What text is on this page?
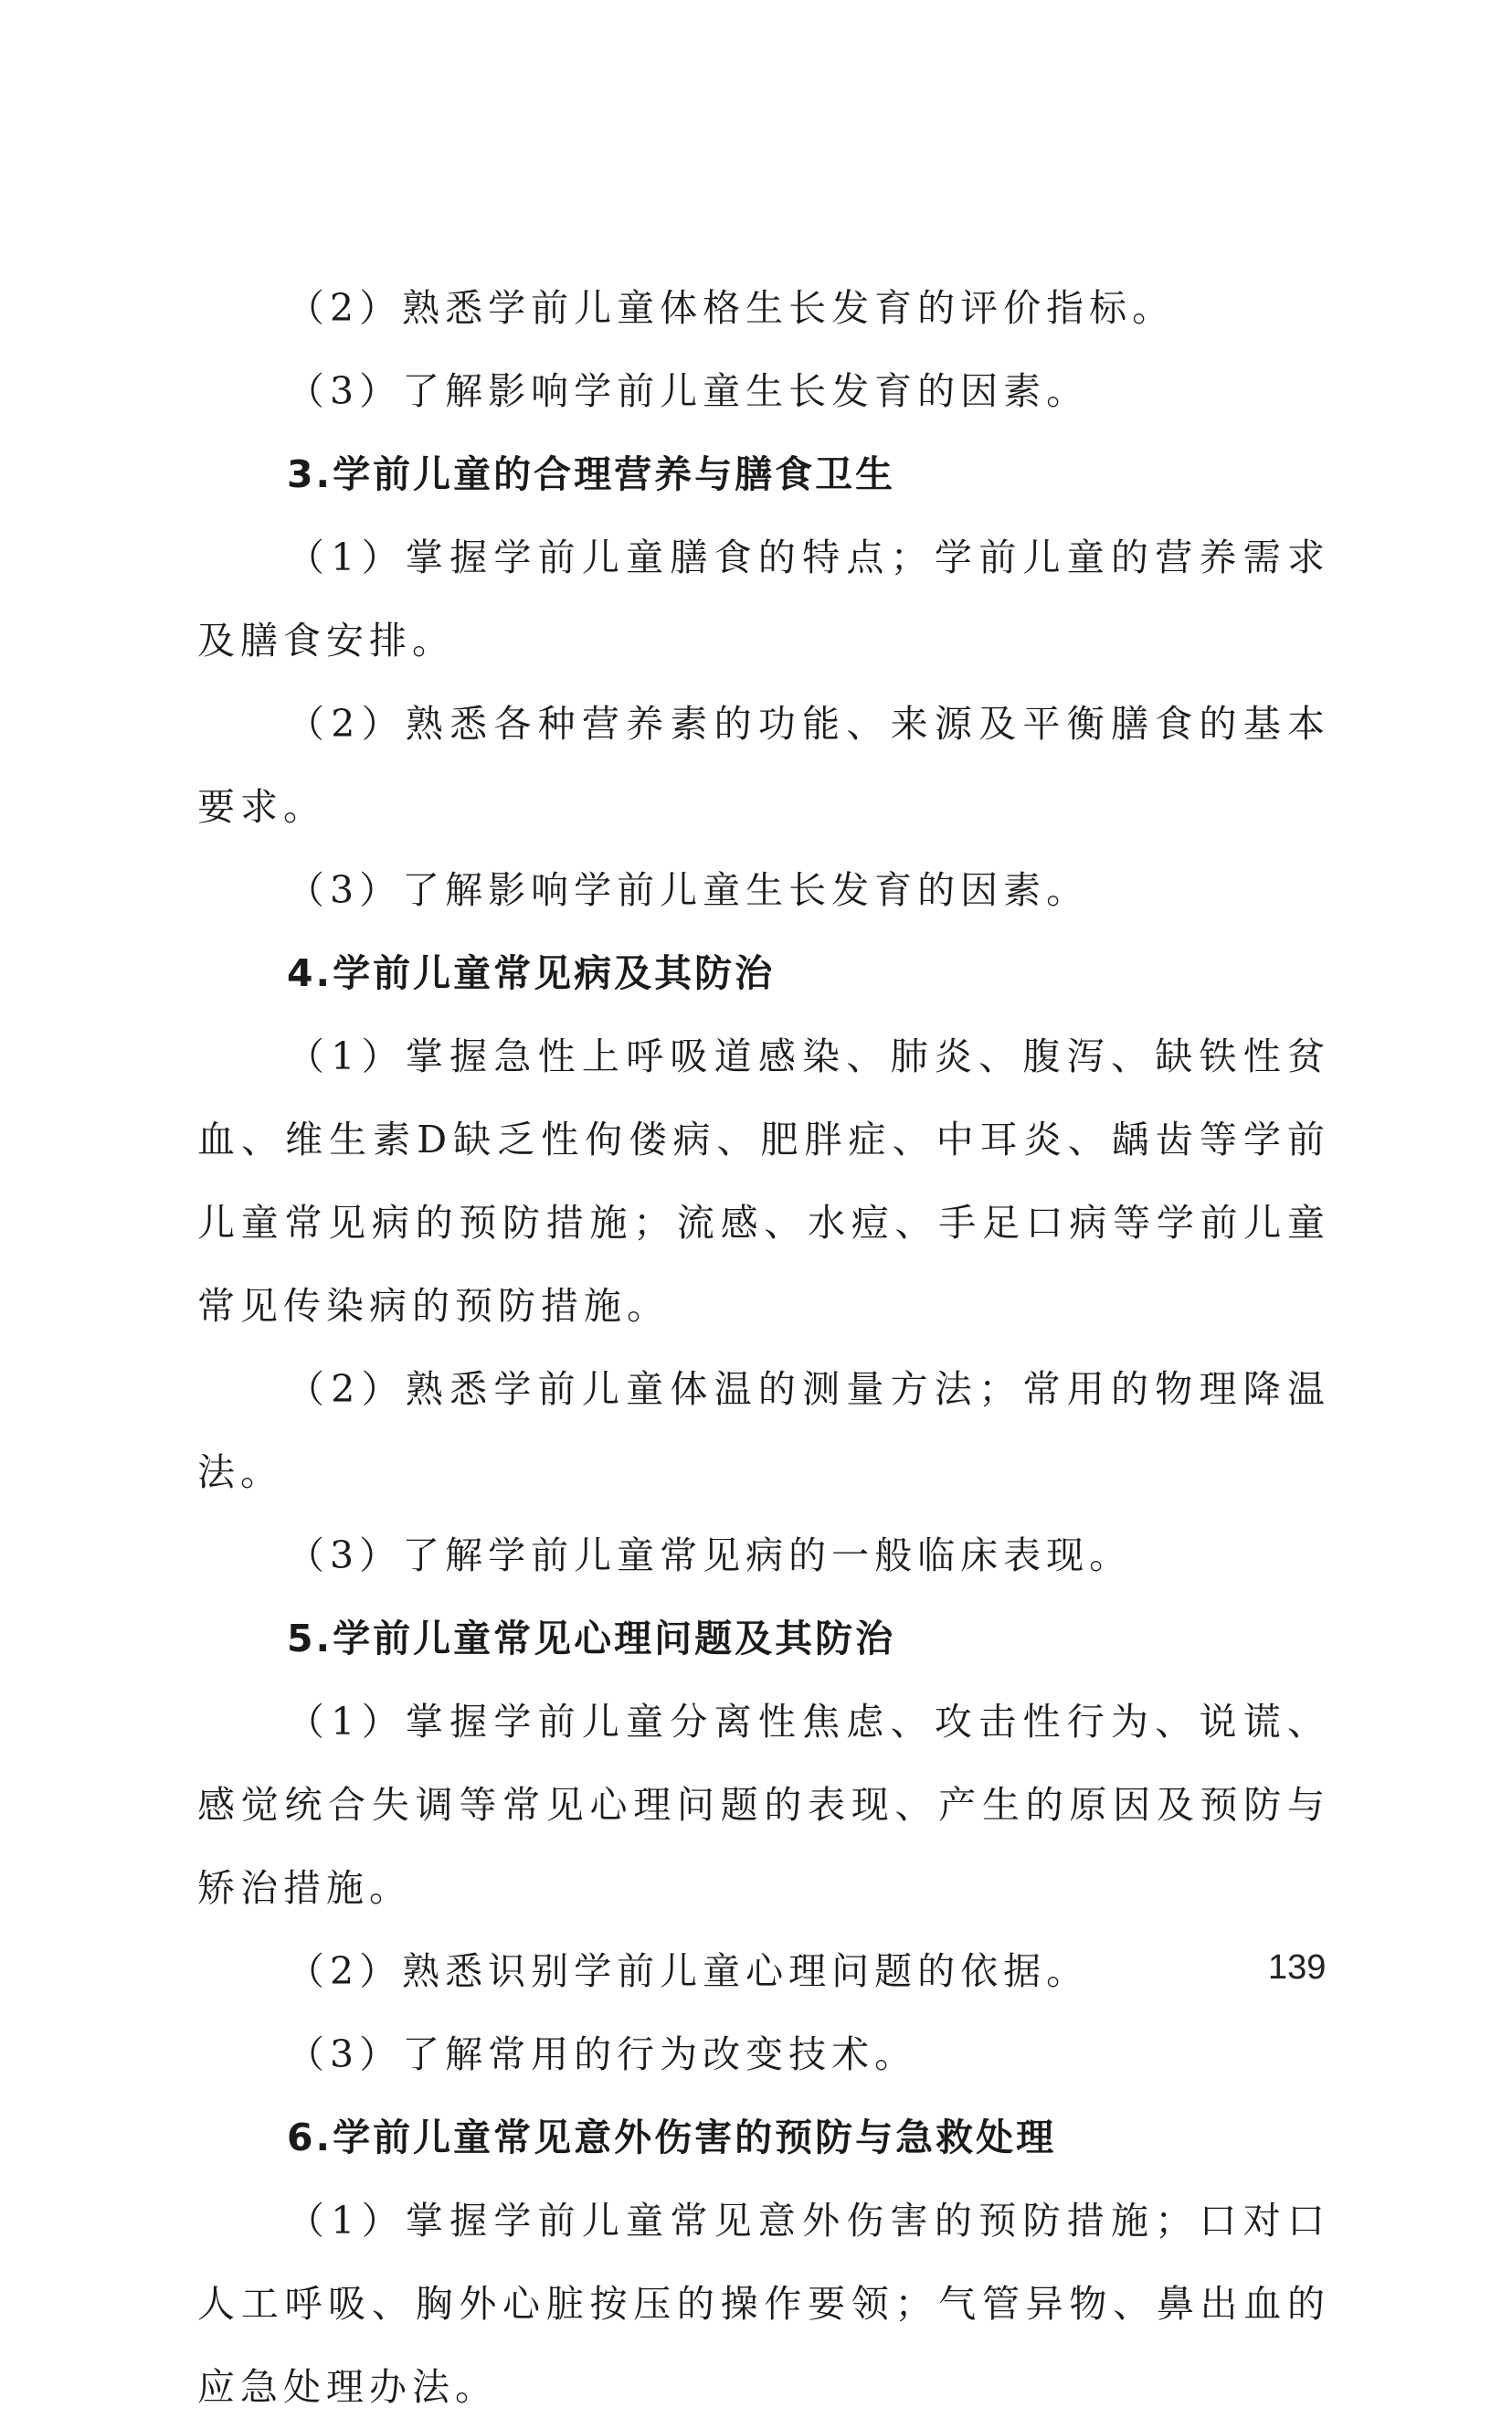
（2）熟悉学前儿童体格生长发育的评价指标。

（3）了解影响学前儿童生长发育的因素。

3.学前儿童的合理营养与膳食卫生

（1）掌握学前儿童膳食的特点；学前儿童的营养需求及膳食安排。

（2）熟悉各种营养素的功能、来源及平衡膳食的基本要求。

（3）了解影响学前儿童生长发育的因素。

4.学前儿童常见病及其防治

（1）掌握急性上呼吸道感染、肺炎、腹泻、缺铁性贫血、维生素D缺乏性佝偻病、肥胖症、中耳炎、龋齿等学前儿童常见病的预防措施；流感、水痘、手足口病等学前儿童常见传染病的预防措施。

（2）熟悉学前儿童体温的测量方法；常用的物理降温法。

（3）了解学前儿童常见病的一般临床表现。

5.学前儿童常见心理问题及其防治

（1）掌握学前儿童分离性焦虑、攻击性行为、说谎、感觉统合失调等常见心理问题的表现、产生的原因及预防与矫治措施。

（2）熟悉识别学前儿童心理问题的依据。

（3）了解常用的行为改变技术。

6.学前儿童常见意外伤害的预防与急救处理

（1）掌握学前儿童常见意外伤害的预防措施；口对口人工呼吸、胸外心脏按压的操作要领；气管异物、鼻出血的应急处理办法。

139
